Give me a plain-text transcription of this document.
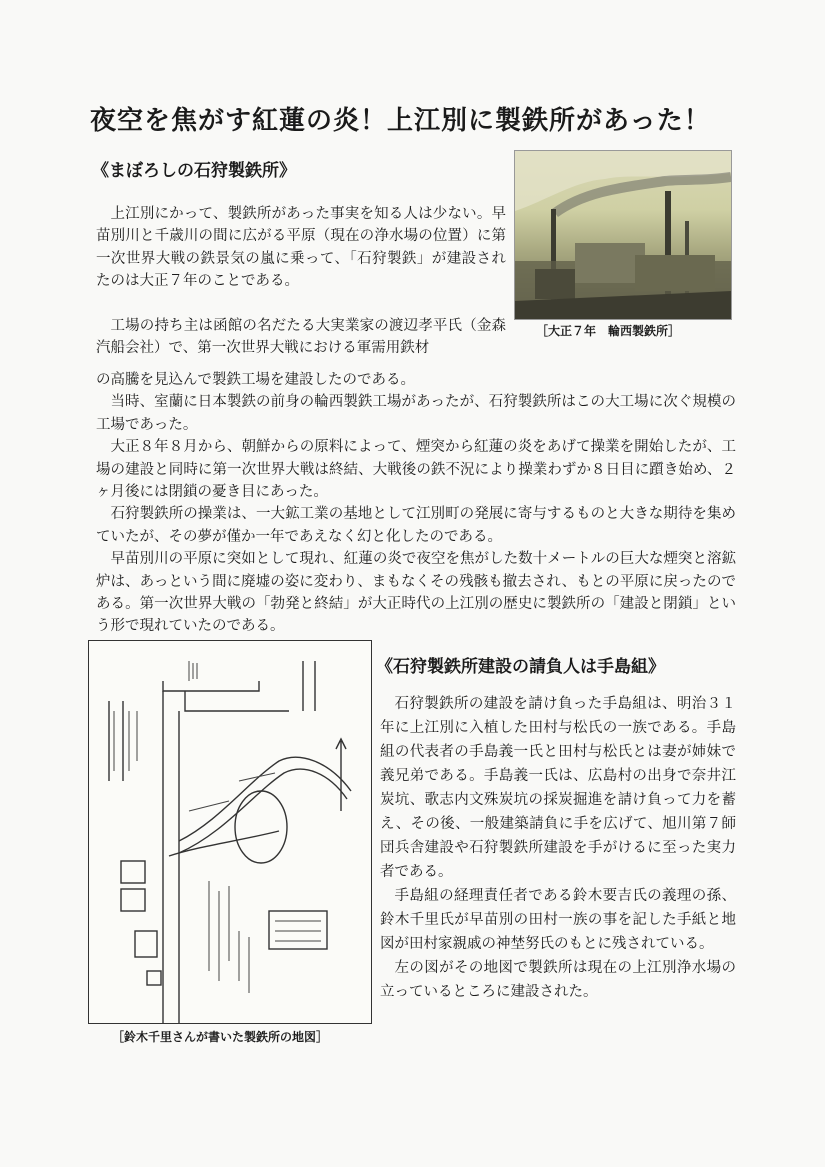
夜空を焦がす紅蓮の炎！上江別に製鉄所があった！
《まぼろしの石狩製鉄所》
［大正７年　輪西製鉄所］

上江別にかって、製鉄所があった事実を知る人は少ない。早苗別川と千歳川の間に広がる平原（現在の浄水場の位置）に第一次世界大戦の鉄景気の嵐に乗って、「石狩製鉄」が建設されたのは大正７年のことである。

工場の持ち主は函館の名だたる大実業家の渡辺孝平氏（金森汽船会社）で、第一次世界大戦における軍需用鉄材

の高騰を見込んで製鉄工場を建設したのである。

当時、室蘭に日本製鉄の前身の輪西製鉄工場があったが、石狩製鉄所はこの大工場に次ぐ規模の工場であった。

大正８年８月から、朝鮮からの原料によって、煙突から紅蓮の炎をあげて操業を開始したが、工場の建設と同時に第一次世界大戦は終結、大戦後の鉄不況により操業わずか８日目に躓き始め、２ヶ月後には閉鎖の憂き目にあった。

石狩製鉄所の操業は、一大鉱工業の基地として江別町の発展に寄与するものと大きな期待を集めていたが、その夢が僅か一年であえなく幻と化したのである。

早苗別川の平原に突如として現れ、紅蓮の炎で夜空を焦がした数十メートルの巨大な煙突と溶鉱炉は、あっという間に廃墟の姿に変わり、まもなくその残骸も撤去され、もとの平原に戻ったのである。第一次世界大戦の「勃発と終結」が大正時代の上江別の歴史に製鉄所の「建設と閉鎖」という形で現れていたのである。

［鈴木千里さんが書いた製鉄所の地図］
《石狩製鉄所建設の請負人は手島組》

石狩製鉄所の建設を請け負った手島組は、明治３１年に上江別に入植した田村与松氏の一族である。手島組の代表者の手島義一氏と田村与松氏とは妻が姉妹で義兄弟である。手島義一氏は、広島村の出身で奈井江炭坑、歌志内文殊炭坑の採炭掘進を請け負って力を蓄え、その後、一般建築請負に手を広げて、旭川第７師団兵舎建設や石狩製鉄所建設を手がけるに至った実力者である。

手島組の経理責任者である鈴木要吉氏の義理の孫、鈴木千里氏が早苗別の田村一族の事を記した手紙と地図が田村家親戚の神埜努氏のもとに残されている。

左の図がその地図で製鉄所は現在の上江別浄水場の立っているところに建設された。
